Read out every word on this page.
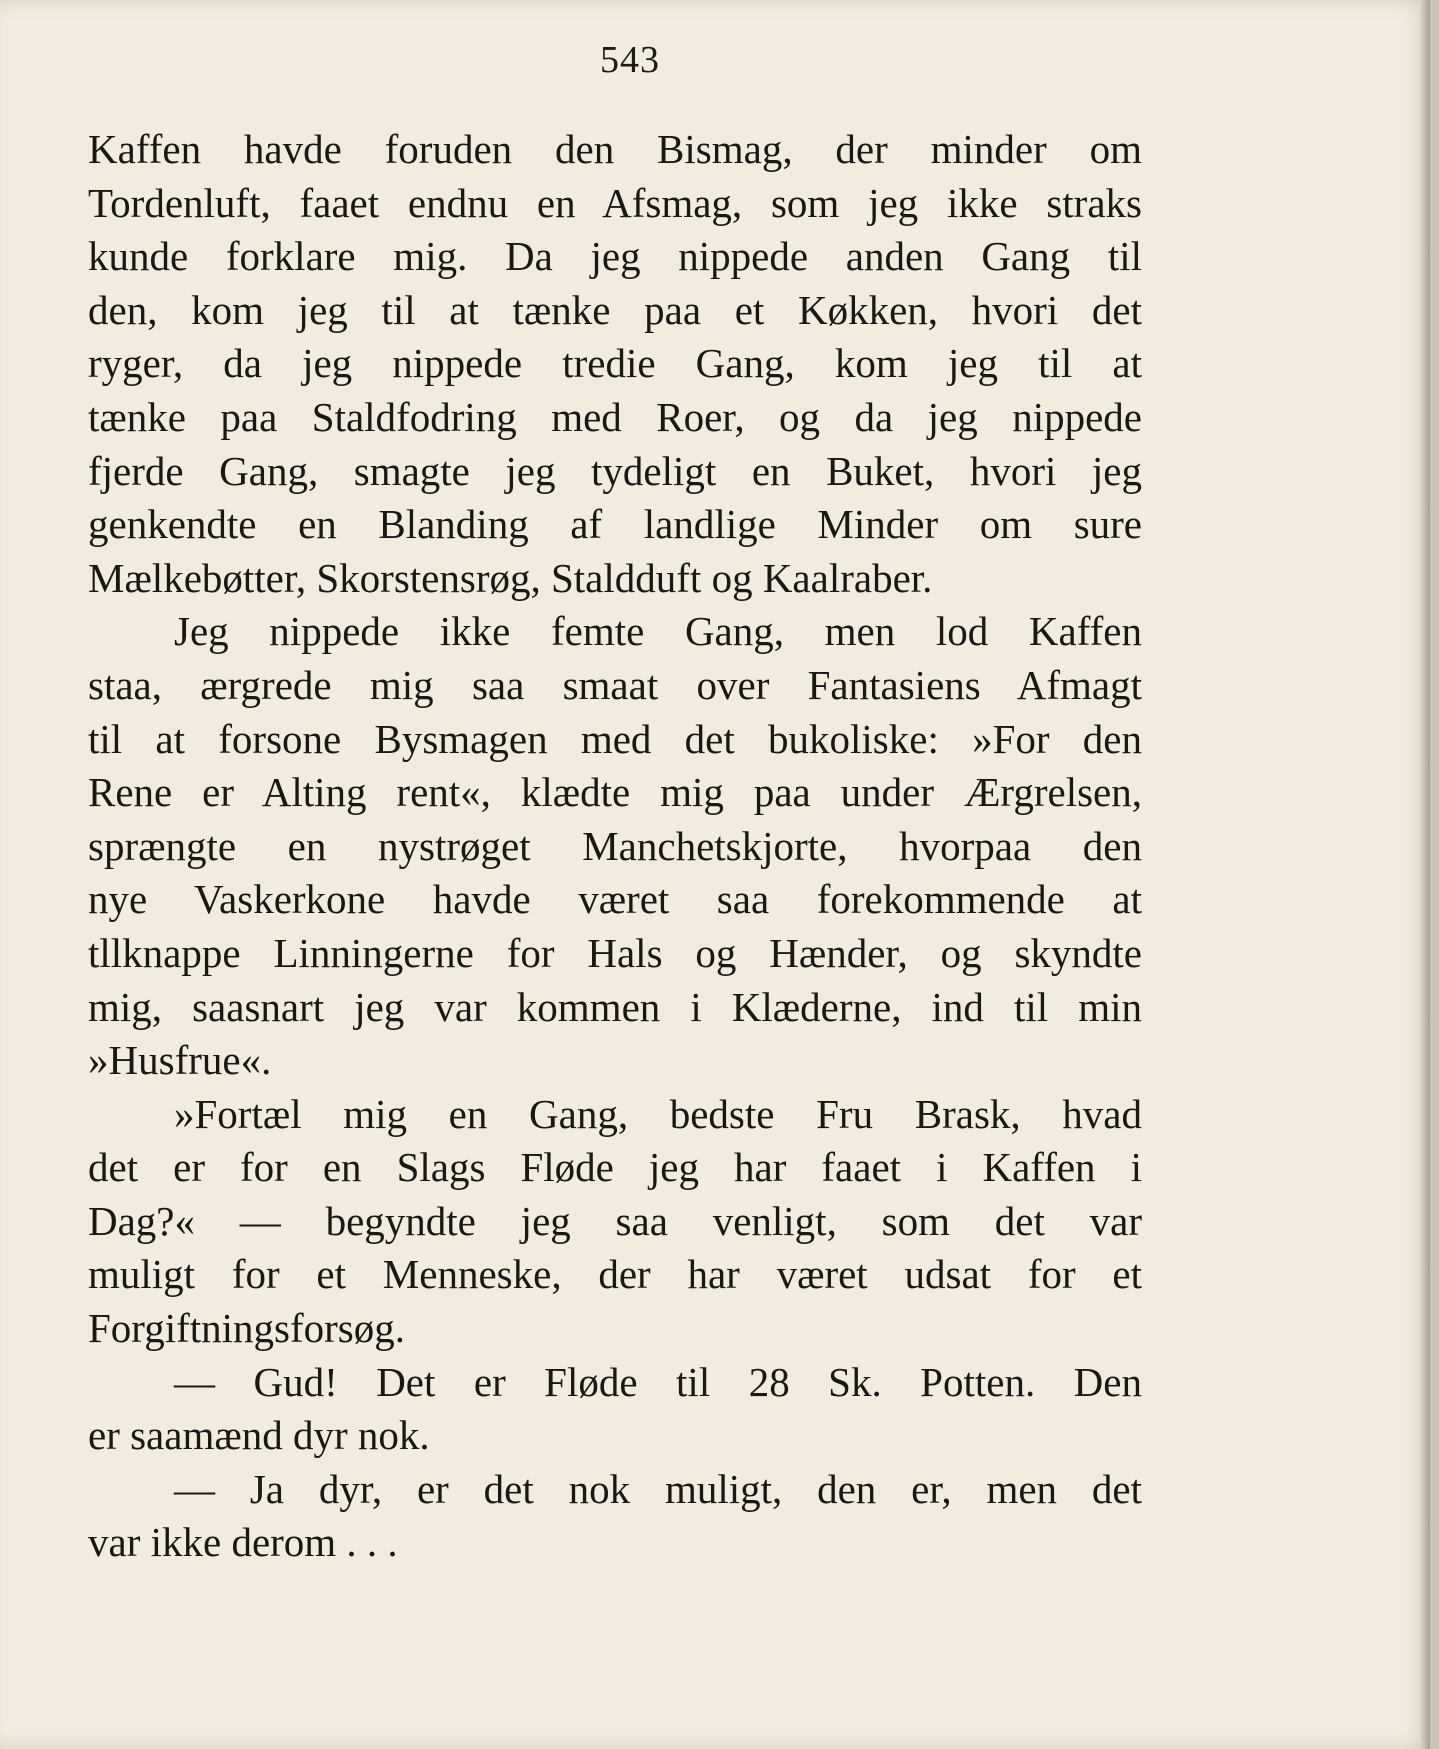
543
Kaffen havde foruden den Bismag, der minder om
Tordenluft, faaet endnu en Afsmag, som jeg ikke straks
kunde forklare mig. Da jeg nippede anden Gang til
den, kom jeg til at tænke paa et Køkken, hvori det
ryger, da jeg nippede tredie Gang, kom jeg til at
tænke paa Staldfodring med Roer, og da jeg nippede
fjerde Gang, smagte jeg tydeligt en Buket, hvori jeg
genkendte en Blanding af landlige Minder om sure
Mælkebøtter, Skorstensrøg, Staldduft og Kaalraber.
Jeg nippede ikke femte Gang, men lod Kaffen
staa, ærgrede mig saa smaat over Fantasiens Afmagt
til at forsone Bysmagen med det bukoliske: »For den
Rene er Alting rent«, klædte mig paa under Ærgrelsen,
sprængte en nystrøget Manchetskjorte, hvorpaa den
nye Vaskerkone havde været saa forekommende at
tllknappe Linningerne for Hals og Hænder, og skyndte
mig, saasnart jeg var kommen i Klæderne, ind til min
»Husfrue«.
»Fortæl mig en Gang, bedste Fru Brask, hvad
det er for en Slags Fløde jeg har faaet i Kaffen i
Dag?« — begyndte jeg saa venligt, som det var
muligt for et Menneske, der har været udsat for et
Forgiftningsforsøg.
— Gud! Det er Fløde til 28 Sk. Potten. Den
er saamænd dyr nok.
— Ja dyr, er det nok muligt, den er, men det
var ikke derom . . .
